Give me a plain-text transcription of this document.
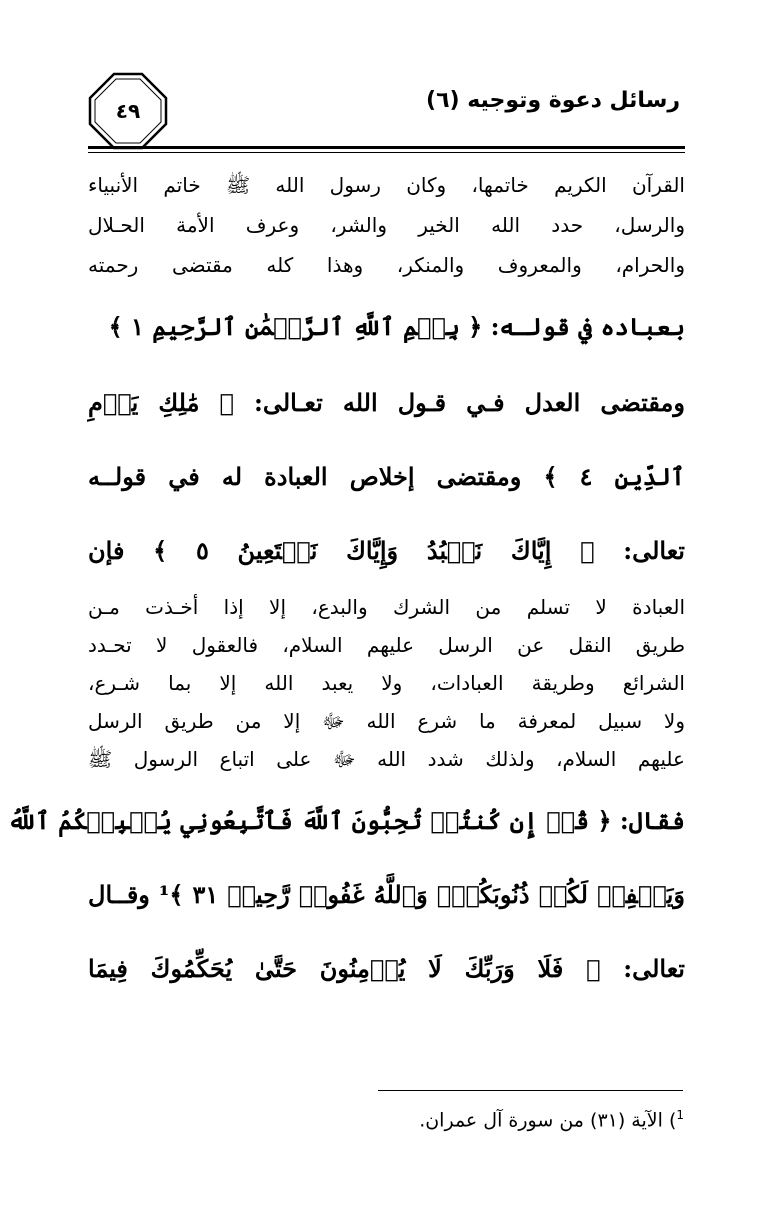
رسائل دعوة وتوجيه (٦)
٤٩
القرآن الكريم خاتمها، وكان رسول الله ﷺ خاتم الأنبياء
والرسل، حدد الله الخير والشر، وعرف الأمة الحـلال
والحرام، والمعروف والمنكر، وهذا كله مقتضى رحمته
بعباده في قولـه: ﴿ بِسۡمِ ٱللَّهِ ٱلرَّحۡمَٰنِ ٱلرَّحِيمِ ١ ﴾
ومقتضى العدل فـي قـول الله تعـالى: ﴿ مَٰلِكِ يَوۡمِ
ٱلدِّينِ ٤ ﴾ ومقتضى إخلاص العبادة له في قولــه
تعالى: ﴿ إِيَّاكَ نَعۡبُدُ وَإِيَّاكَ نَسۡتَعِينُ ٥ ﴾ فإن
العبادة لا تسلم من الشرك والبدع، إلا إذا أخـذت مـن
طريق النقل عن الرسل عليهم السلام، فالعقول لا تحـدد
الشرائع وطريقة العبادات، ولا يعبد الله إلا بما شـرع،
ولا سبيل لمعرفة ما شرع الله ﷻ إلا من طريق الرسل
عليهم السلام، ولذلك شدد الله ﷻ على اتباع الرسول ﷺ
فقال: ﴿ قُلۡ إِن كُنتُمۡ تُحِبُّونَ ٱللَّهَ فَٱتَّبِعُونِي يُحۡبِبۡكُمُ ٱللَّهُ
وَيَغۡفِرۡ لَكُمۡ ذُنُوبَكُمۡۚ وَٱللَّهُ غَفُورٞ رَّحِيمٞ ٣١ ﴾¹ وقــال
تعالى: ﴿ فَلَا وَرَبِّكَ لَا يُؤۡمِنُونَ حَتَّىٰ يُحَكِّمُوكَ فِيمَا
$^1$) الآية (٣١) من سورة آل عمران.
